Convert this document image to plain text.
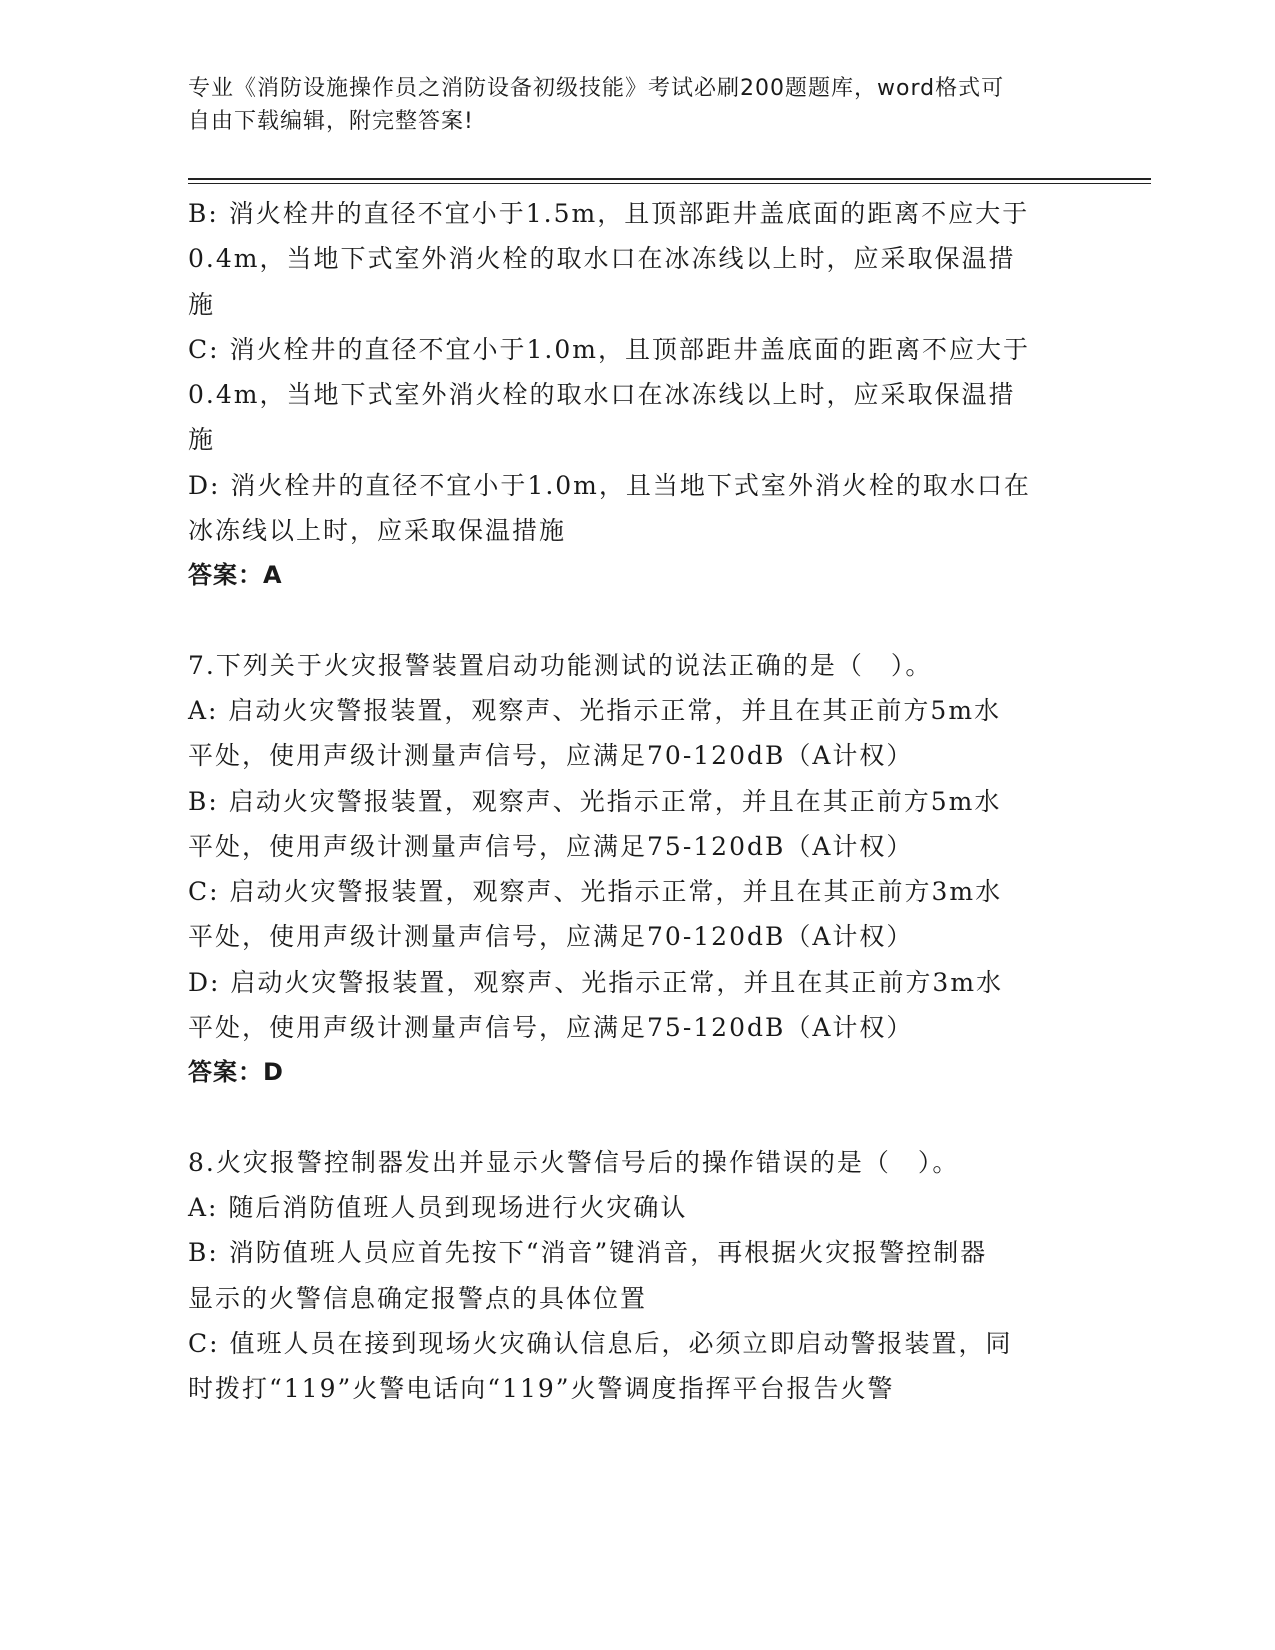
专业《消防设施操作员之消防设备初级技能》考试必刷200题题库，word格式可
自由下载编辑，附完整答案!
B: 消火栓井的直径不宜小于1.5m，且顶部距井盖底面的距离不应大于
0.4m，当地下式室外消火栓的取水口在冰冻线以上时，应采取保温措
施
C: 消火栓井的直径不宜小于1.0m，且顶部距井盖底面的距离不应大于
0.4m，当地下式室外消火栓的取水口在冰冻线以上时，应采取保温措
施
D: 消火栓井的直径不宜小于1.0m，且当地下式室外消火栓的取水口在
冰冻线以上时，应采取保温措施
答案：A
7.下列关于火灾报警装置启动功能测试的说法正确的是（　）。
A: 启动火灾警报装置，观察声、光指示正常，并且在其正前方5m水
平处，使用声级计测量声信号，应满足70-120dB（A计权）
B: 启动火灾警报装置，观察声、光指示正常，并且在其正前方5m水
平处，使用声级计测量声信号，应满足75-120dB（A计权）
C: 启动火灾警报装置，观察声、光指示正常，并且在其正前方3m水
平处，使用声级计测量声信号，应满足70-120dB（A计权）
D: 启动火灾警报装置，观察声、光指示正常，并且在其正前方3m水
平处，使用声级计测量声信号，应满足75-120dB（A计权）
答案：D
8.火灾报警控制器发出并显示火警信号后的操作错误的是（　）。
A: 随后消防值班人员到现场进行火灾确认
B: 消防值班人员应首先按下“消音”键消音，再根据火灾报警控制器
显示的火警信息确定报警点的具体位置
C: 值班人员在接到现场火灾确认信息后，必须立即启动警报装置，同
时拨打“119”火警电话向“119”火警调度指挥平台报告火警
